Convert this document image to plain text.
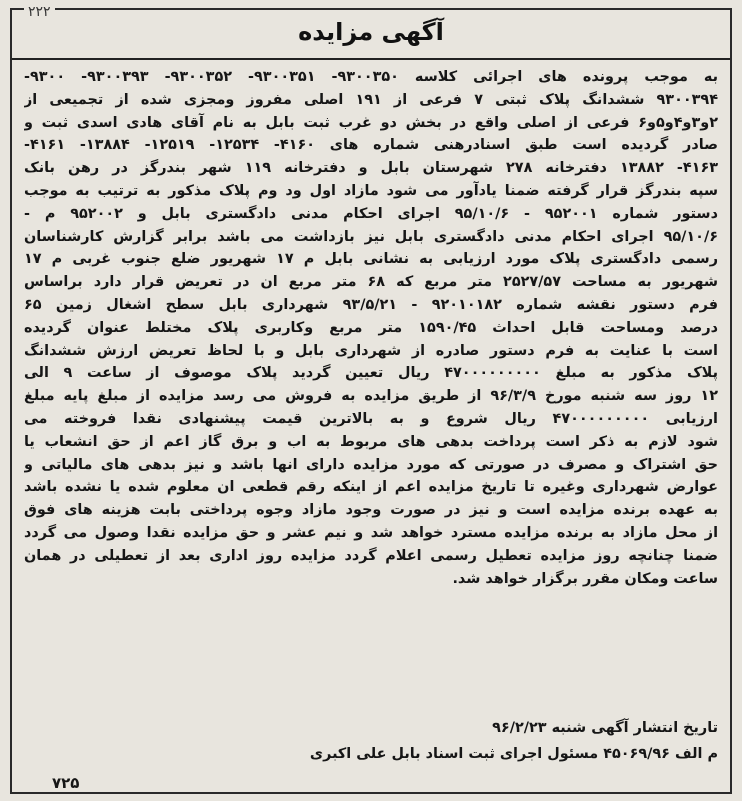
۲۲۲
آگهی مزایده
به موجب پرونده های اجرائی کلاسه ۹۳۰۰۳۵۰- ۹۳۰۰۳۵۱- ۹۳۰۰۳۵۲- ۹۳۰۰۳۹۳- ۹۳۰۰-
۹۳۰۰۳۹۴ ششدانگ پلاک ثبتی ۷ فرعی از ۱۹۱ اصلی مفروز ومجزی شده از تجمیعی از
۲و۳و۴و۵و۶ فرعی از اصلی واقع در بخش دو غرب ثبت بابل به نام آقای هادی اسدی ثبت و
صادر گردیده است طبق اسنادرهنی شماره های ۴۱۶۰- ۱۲۵۳۴- ۱۲۵۱۹- ۱۳۸۸۴- ۴۱۶۱-
۴۱۶۳- ۱۳۸۸۲ دفترخانه ۲۷۸ شهرستان بابل و دفترخانه ۱۱۹ شهر بندرگز در رهن بانک
سپه بندرگز قرار گرفته ضمنا یادآور می شود مازاد اول ود وم پلاک مذکور به ترتیب به موجب
دستور شماره ۹۵۲۰۰۱ - ۹۵/۱۰/۶ اجرای احکام مدنی دادگستری بابل و ۹۵۲۰۰۲ م -
۹۵/۱۰/۶ اجرای احکام مدنی دادگستری بابل نیز بازداشت می باشد برابر گزارش کارشناسان
رسمی دادگستری پلاک مورد ارزیابی به نشانی بابل م ۱۷ شهریور ضلع جنوب غربی م ۱۷
شهریور به مساحت ۲۵۲۷/۵۷ متر مربع که ۶۸ متر مربع ان در تعریض قرار دارد براساس
فرم دستور نقشه شماره ۹۲۰۱۰۱۸۲ - ۹۳/۵/۲۱ شهرداری بابل سطح اشغال زمین ۶۵
درصد ومساحت قابل احداث ۱۵۹۰/۴۵ متر مربع وکاربری پلاک مختلط عنوان گردیده
است با عنایت به فرم دستور صادره از شهرداری بابل و با لحاظ تعریض ارزش ششدانگ
پلاک مذکور به مبلغ ۴۷۰۰۰۰۰۰۰۰۰ ریال تعیین گردید پلاک موصوف از ساعت ۹ الی
۱۲ روز سه شنبه مورخ ۹۶/۳/۹ از طریق مزایده به فروش می رسد مزایده از مبلغ پایه مبلغ
ارزیابی ۴۷۰۰۰۰۰۰۰۰۰ ریال شروع و به بالاترین قیمت پیشنهادی نقدا فروخته می
شود لازم به ذکر است پرداخت بدهی های مربوط به اب و برق گاز اعم از حق انشعاب یا
حق اشتراک و مصرف در صورتی که مورد مزایده دارای انها باشد و نیز بدهی های مالیاتی و
عوارض شهرداری وغیره تا تاریخ مزایده اعم از اینکه رقم قطعی ان معلوم شده یا نشده باشد
به عهده برنده مزایده است و نیز در صورت وجود مازاد وجوه پرداختی بابت هزینه های فوق
از محل مازاد به برنده مزایده مسترد خواهد شد و نیم عشر و حق مزایده نقدا وصول می گردد
ضمنا چنانچه روز مزایده تعطیل رسمی اعلام گردد مزایده روز اداری بعد از تعطیلی در همان
ساعت ومکان مقرر برگزار خواهد شد.
تاریخ انتشار آگهی شنبه ۹۶/۲/۲۳
م الف ۴۵۰۶۹/۹۶ مسئول اجرای ثبت اسناد بابل علی اکبری
۷۲۵
